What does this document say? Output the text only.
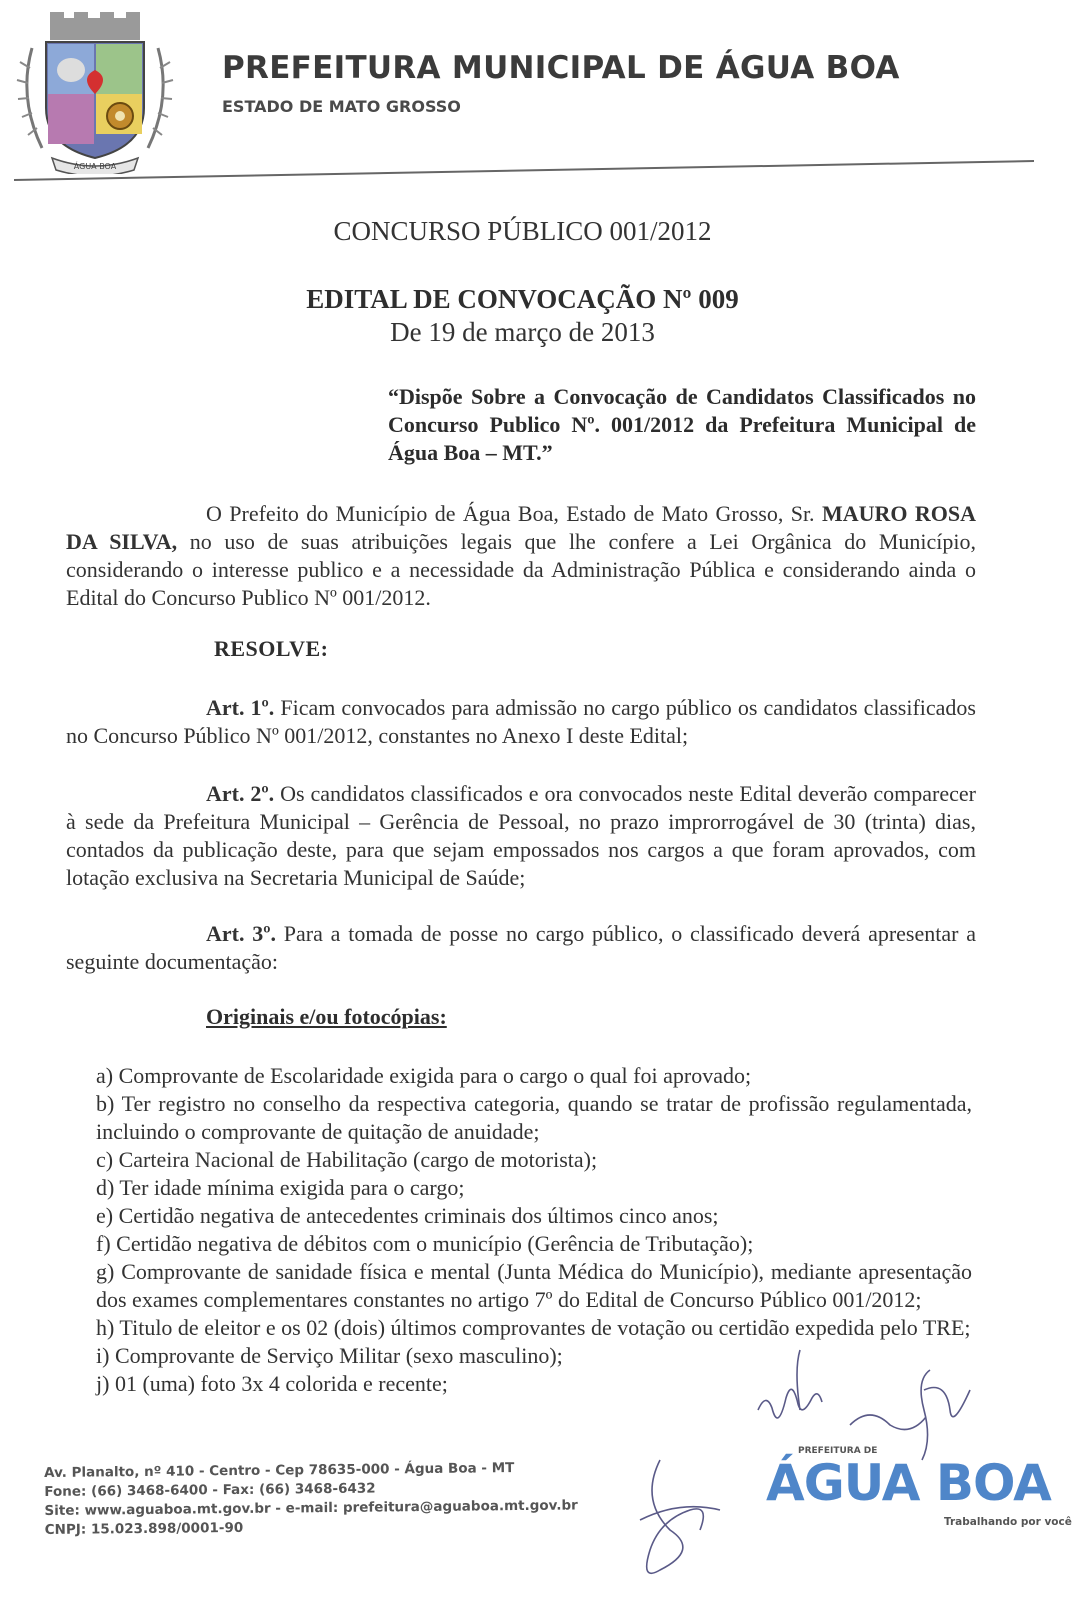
ÁGUA BOA
PREFEITURA MUNICIPAL DE ÁGUA BOA
ESTADO DE MATO GROSSO
CONCURSO PÚBLICO 001/2012
EDITAL DE CONVOCAÇÃO Nº 009
De 19 de março de 2013
“Dispõe Sobre a Convocação de Candidatos Classificados no Concurso Publico Nº. 001/2012 da Prefeitura Municipal de Água Boa – MT.”
O Prefeito do Município de Água Boa, Estado de Mato Grosso, Sr. MAURO ROSA DA SILVA, no uso de suas atribuições legais que lhe confere a Lei Orgânica do Município, considerando o interesse publico e a necessidade da Administração Pública e considerando ainda o Edital do Concurso Publico Nº 001/2012.
RESOLVE:
Art. 1º. Ficam convocados para admissão no cargo público os candidatos classificados no Concurso Público Nº 001/2012, constantes no Anexo I deste Edital;
Art. 2º. Os candidatos classificados e ora convocados neste Edital deverão comparecer à sede da Prefeitura Municipal – Gerência de Pessoal, no prazo improrrogável de 30 (trinta) dias, contados da publicação deste, para que sejam empossados nos cargos a que foram aprovados, com lotação exclusiva na Secretaria Municipal de Saúde;
Art. 3º. Para a tomada de posse no cargo público, o classificado deverá apresentar a seguinte documentação:
Originais e/ou fotocópias:
a) Comprovante de Escolaridade exigida para o cargo o qual foi aprovado;
b) Ter registro no conselho da respectiva categoria, quando se tratar de profissão regulamentada, incluindo o comprovante de quitação de anuidade;
c) Carteira Nacional de Habilitação (cargo de motorista);
d) Ter idade mínima exigida para o cargo;
e) Certidão negativa de antecedentes criminais dos últimos cinco anos;
f) Certidão negativa de débitos com o município (Gerência de Tributação);
g) Comprovante de sanidade física e mental (Junta Médica do Município), mediante apresentação dos exames complementares constantes no artigo 7º do Edital de Concurso Público 001/2012;
h) Titulo de eleitor e os 02 (dois) últimos comprovantes de votação ou certidão expedida pelo TRE;
i) Comprovante de Serviço Militar (sexo masculino);
j) 01 (uma) foto 3x 4 colorida e recente;
PREFEITURA DE
ÁGUA BOA
Trabalhando por você
Av. Planalto, nº 410 - Centro - Cep 78635-000 - Água Boa - MT
Fone: (66) 3468-6400 - Fax: (66) 3468-6432
Site: www.aguaboa.mt.gov.br - e-mail: prefeitura@aguaboa.mt.gov.br
CNPJ: 15.023.898/0001-90
